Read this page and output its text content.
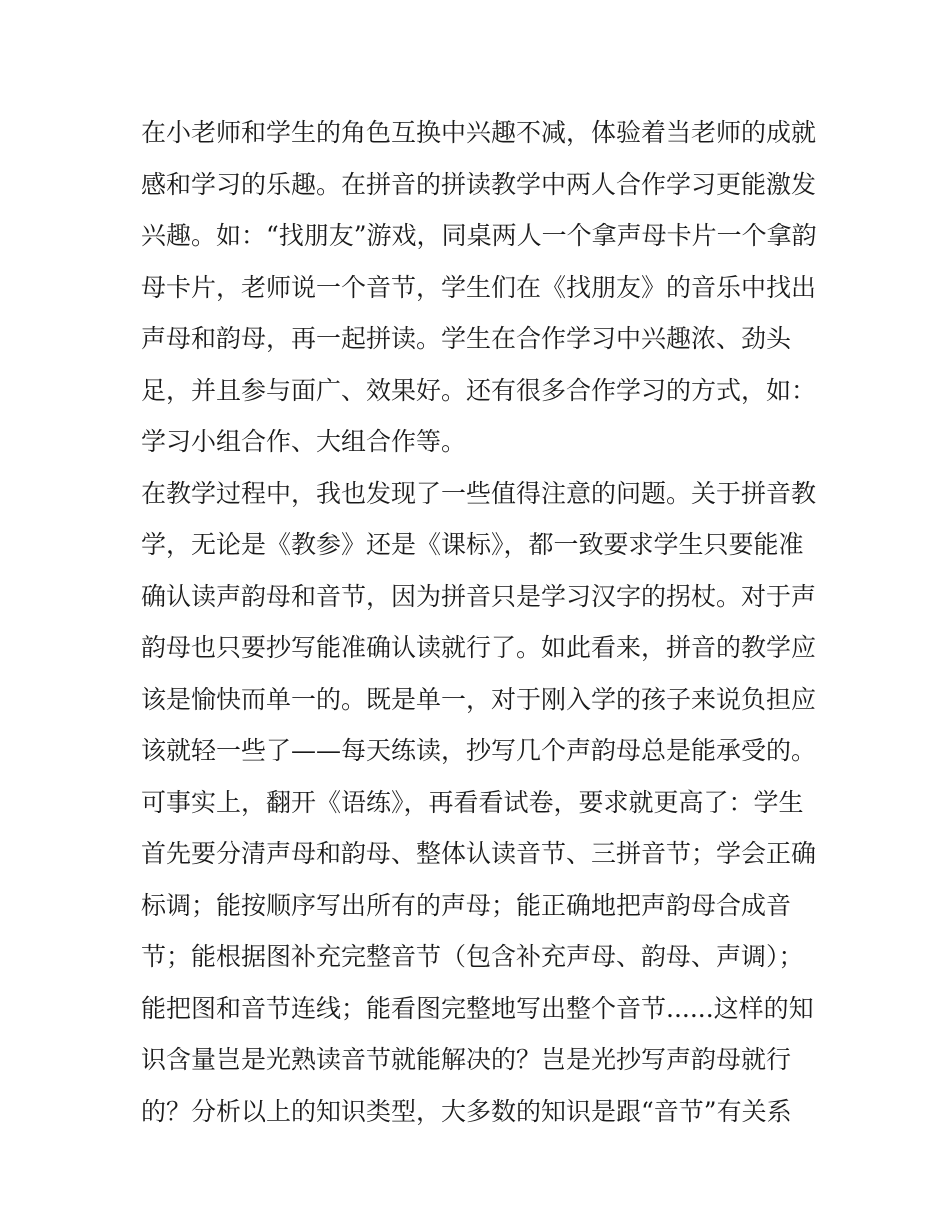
在小老师和学生的角色互换中兴趣不减，体验着当老师的成就
感和学习的乐趣。在拼音的拼读教学中两人合作学习更能激发
兴趣。如：“找朋友”游戏，同桌两人一个拿声母卡片一个拿韵
母卡片，老师说一个音节，学生们在《找朋友》的音乐中找出
声母和韵母，再一起拼读。学生在合作学习中兴趣浓、劲头
足，并且参与面广、效果好。还有很多合作学习的方式，如：
学习小组合作、大组合作等。
在教学过程中，我也发现了一些值得注意的问题。关于拼音教
学，无论是《教参》还是《课标》，都一致要求学生只要能准
确认读声韵母和音节，因为拼音只是学习汉字的拐杖。对于声
韵母也只要抄写能准确认读就行了。如此看来，拼音的教学应
该是愉快而单一的。既是单一，对于刚入学的孩子来说负担应
该就轻一些了——每天练读，抄写几个声韵母总是能承受的。
可事实上，翻开《语练》，再看看试卷，要求就更高了：学生
首先要分清声母和韵母、整体认读音节、三拼音节；学会正确
标调；能按顺序写出所有的声母；能正确地把声韵母合成音
节；能根据图补充完整音节（包含补充声母、韵母、声调）；
能把图和音节连线；能看图完整地写出整个音节......这样的知
识含量岂是光熟读音节就能解决的？岂是光抄写声韵母就行
的？分析以上的知识类型，大多数的知识是跟“音节”有关系
